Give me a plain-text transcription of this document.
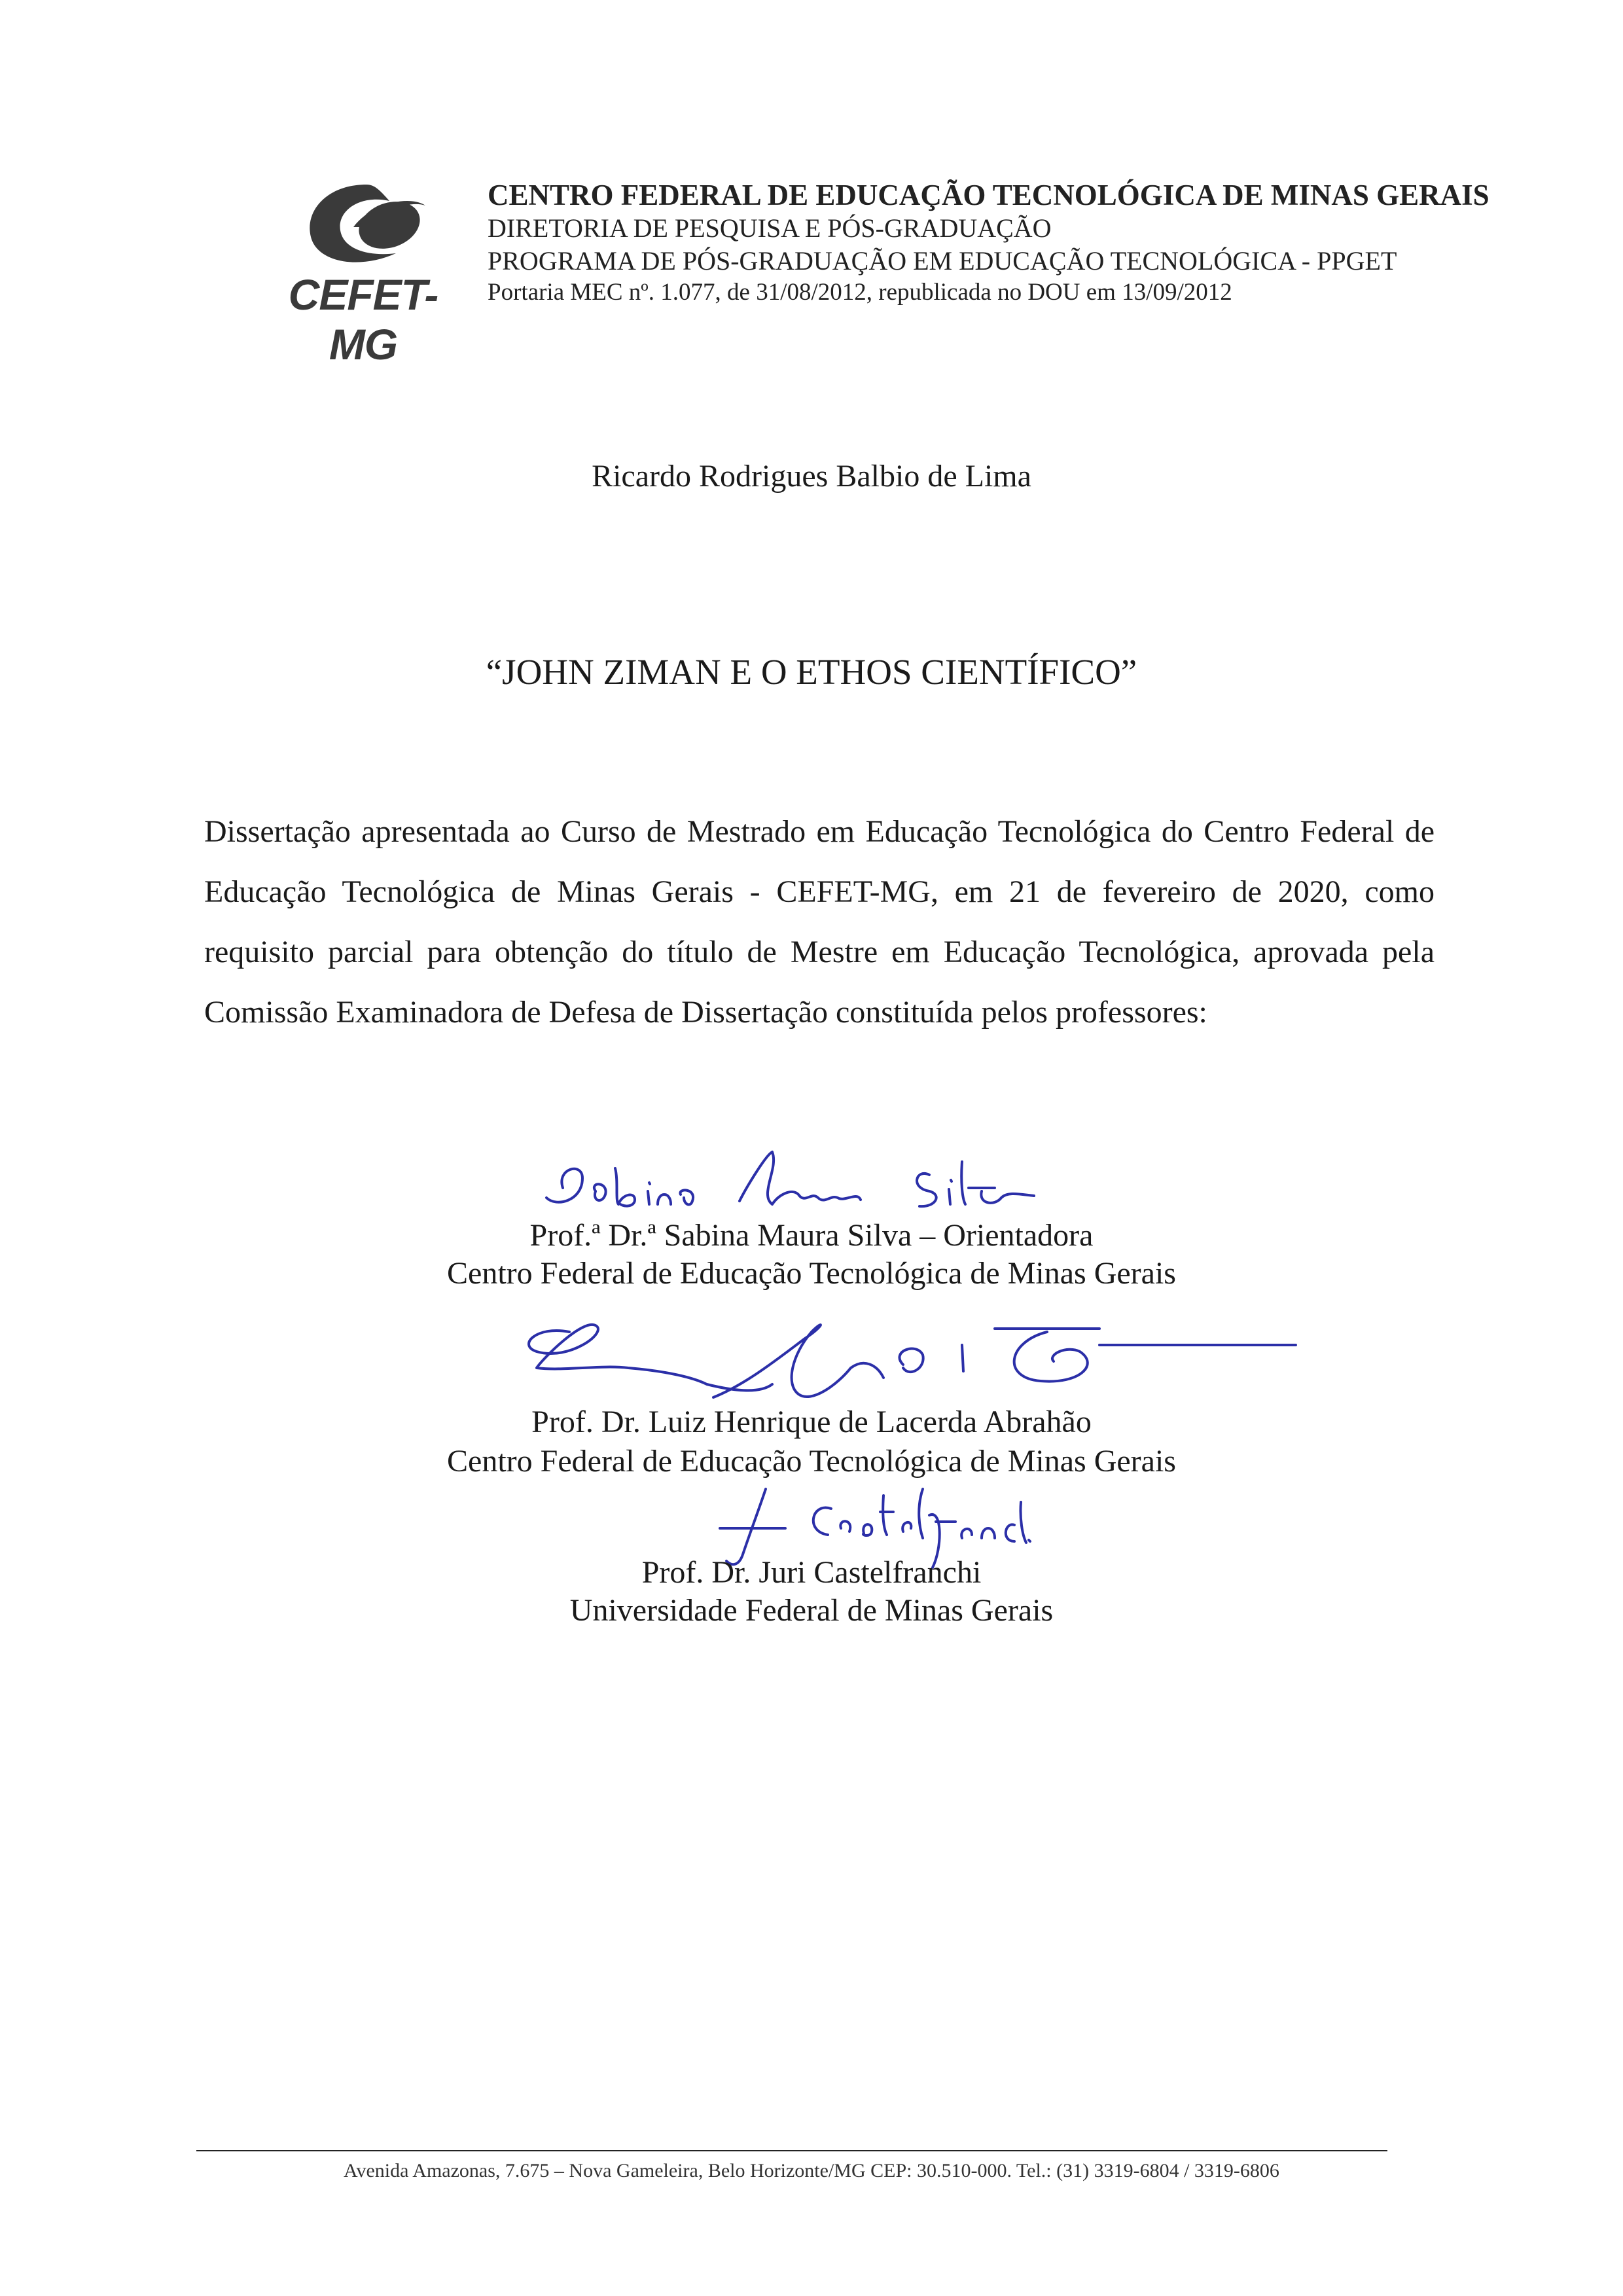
CEFET-MG
CENTRO FEDERAL DE EDUCAÇÃO TECNOLÓGICA DE MINAS GERAIS
DIRETORIA DE PESQUISA E PÓS-GRADUAÇÃO
PROGRAMA DE PÓS-GRADUAÇÃO EM EDUCAÇÃO TECNOLÓGICA - PPGET
Portaria MEC nº. 1.077, de 31/08/2012, republicada no DOU em 13/09/2012
Ricardo Rodrigues Balbio de Lima
“JOHN ZIMAN E O ETHOS CIENTÍFICO”
Dissertação apresentada ao Curso de Mestrado em Educação Tecnológica do Centro Federal de Educação Tecnológica de Minas Gerais - CEFET-MG, em 21 de fevereiro de 2020, como requisito parcial para obtenção do título de Mestre em Educação Tecnológica, aprovada pela Comissão Examinadora de Defesa de Dissertação constituída pelos professores:
Prof.ª Dr.ª Sabina Maura Silva – Orientadora
Centro Federal de Educação Tecnológica de Minas Gerais
Prof. Dr. Luiz Henrique de Lacerda Abrahão
Centro Federal de Educação Tecnológica de Minas Gerais
Prof. Dr. Juri Castelfranchi
Universidade Federal de Minas Gerais
Avenida Amazonas, 7.675 – Nova Gameleira, Belo Horizonte/MG CEP: 30.510-000. Tel.: (31) 3319-6804 / 3319-6806
